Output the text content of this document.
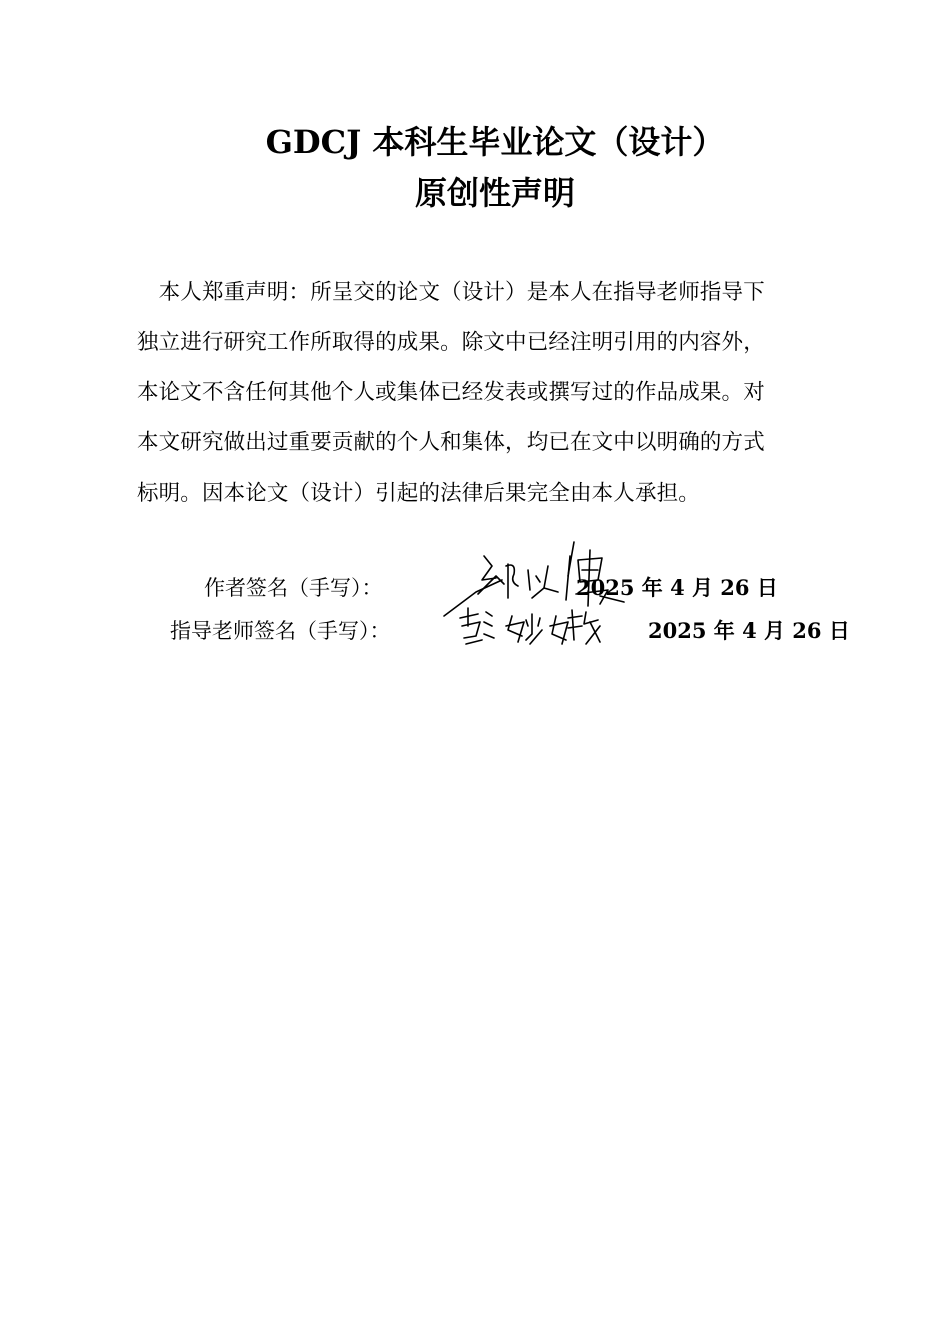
GDCJ 本科生毕业论文（设计）
原创性声明
　本人郑重声明：所呈交的论文（设计）是本人在指导老师指导下
独立进行研究工作所取得的成果。除文中已经注明引用的内容外，
本论文不含任何其他个人或集体已经发表或撰写过的作品成果。对
本文研究做出过重要贡献的个人和集体，均已在文中以明确的方式
标明。因本论文（设计）引起的法律后果完全由本人承担。
作者签名（手写）：	2025 年 4 月 26 日
指导老师签名（手写）：	2025 年 4 月 26 日
